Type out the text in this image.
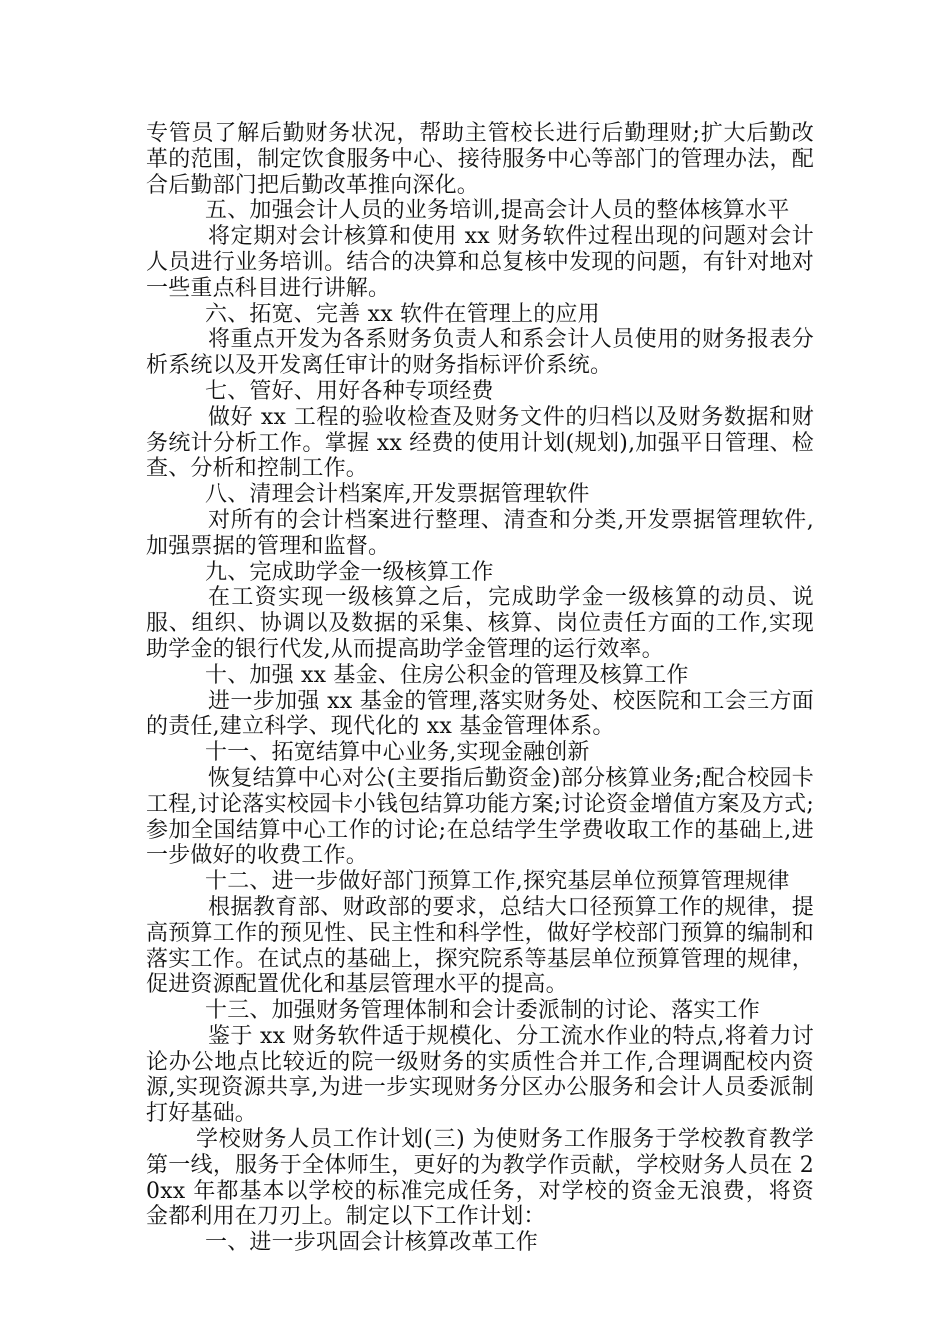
专管员了解后勤财务状况，帮助主管校长进行后勤理财;扩大后勤改革的范围，制定饮食服务中心、接待服务中心等部门的管理办法，配合后勤部门把后勤改革推向深化。

五、加强会计人员的业务培训,提高会计人员的整体核算水平

将定期对会计核算和使用 xx 财务软件过程出现的问题对会计人员进行业务培训。结合的决算和总复核中发现的问题，有针对地对一些重点科目进行讲解。

六、拓宽、完善 xx 软件在管理上的应用

将重点开发为各系财务负责人和系会计人员使用的财务报表分析系统以及开发离任审计的财务指标评价系统。

七、管好、用好各种专项经费

做好 xx 工程的验收检查及财务文件的归档以及财务数据和财务统计分析工作。掌握 xx 经费的使用计划(规划),加强平日管理、检查、分析和控制工作。

八、清理会计档案库,开发票据管理软件

对所有的会计档案进行整理、清查和分类,开发票据管理软件,加强票据的管理和监督。

九、完成助学金一级核算工作

在工资实现一级核算之后，完成助学金一级核算的动员、说服、组织、协调以及数据的采集、核算、岗位责任方面的工作,实现助学金的银行代发,从而提高助学金管理的运行效率。

十、加强 xx 基金、住房公积金的管理及核算工作

进一步加强 xx 基金的管理,落实财务处、校医院和工会三方面的责任,建立科学、现代化的 xx 基金管理体系。

十一、拓宽结算中心业务,实现金融创新

恢复结算中心对公(主要指后勤资金)部分核算业务;配合校园卡工程,讨论落实校园卡小钱包结算功能方案;讨论资金增值方案及方式;参加全国结算中心工作的讨论;在总结学生学费收取工作的基础上,进一步做好的收费工作。

十二、进一步做好部门预算工作,探究基层单位预算管理规律

根据教育部、财政部的要求，总结大口径预算工作的规律，提高预算工作的预见性、民主性和科学性，做好学校部门预算的编制和落实工作。在试点的基础上，探究院系等基层单位预算管理的规律，促进资源配置优化和基层管理水平的提高。

十三、加强财务管理体制和会计委派制的讨论、落实工作

鉴于 xx 财务软件适于规模化、分工流水作业的特点,将着力讨论办公地点比较近的院一级财务的实质性合并工作,合理调配校内资源,实现资源共享,为进一步实现财务分区办公服务和会计人员委派制打好基础。

学校财务人员工作计划(三) 为使财务工作服务于学校教育教学第一线，服务于全体师生，更好的为教学作贡献，学校财务人员在 20xx 年都基本以学校的标准完成任务，对学校的资金无浪费，将资金都利用在刀刃上。制定以下工作计划：

一、进一步巩固会计核算改革工作
